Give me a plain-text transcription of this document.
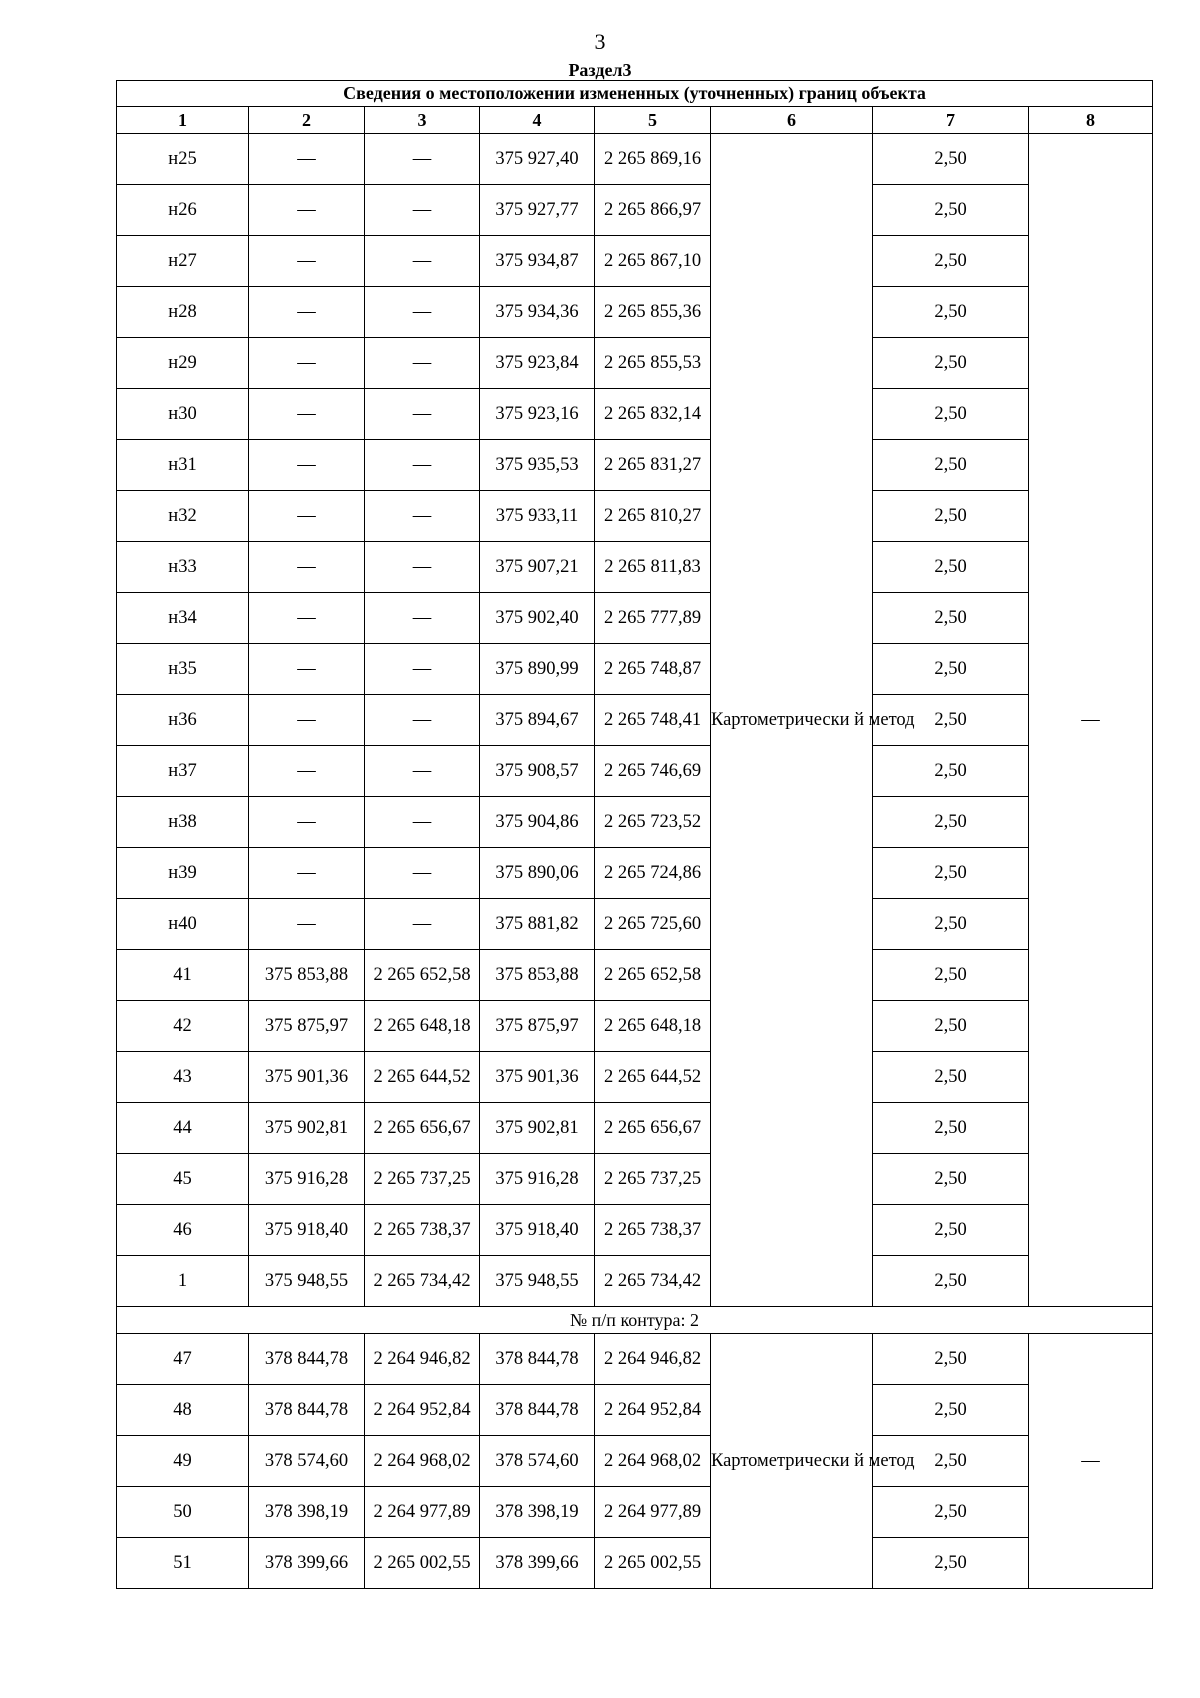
3
Раздел3
Сведения о местоположении измененных (уточненных) границ объекта							
1	2	3	4	5	6	7	8
н25	—	—	375 927,40	2 265 869,16	Картометрически й метод	2,50	—
н26	—	—	375 927,77	2 265 866,97		2,50	
н27	—	—	375 934,87	2 265 867,10		2,50	
н28	—	—	375 934,36	2 265 855,36		2,50	
н29	—	—	375 923,84	2 265 855,53		2,50	
н30	—	—	375 923,16	2 265 832,14		2,50	
н31	—	—	375 935,53	2 265 831,27		2,50	
н32	—	—	375 933,11	2 265 810,27		2,50	
н33	—	—	375 907,21	2 265 811,83		2,50	
н34	—	—	375 902,40	2 265 777,89		2,50	
н35	—	—	375 890,99	2 265 748,87		2,50	
н36	—	—	375 894,67	2 265 748,41		2,50	
н37	—	—	375 908,57	2 265 746,69		2,50	
н38	—	—	375 904,86	2 265 723,52		2,50	
н39	—	—	375 890,06	2 265 724,86		2,50	
н40	—	—	375 881,82	2 265 725,60		2,50	
41	375 853,88	2 265 652,58	375 853,88	2 265 652,58		2,50	
42	375 875,97	2 265 648,18	375 875,97	2 265 648,18		2,50	
43	375 901,36	2 265 644,52	375 901,36	2 265 644,52		2,50	
44	375 902,81	2 265 656,67	375 902,81	2 265 656,67		2,50	
45	375 916,28	2 265 737,25	375 916,28	2 265 737,25		2,50	
46	375 918,40	2 265 738,37	375 918,40	2 265 738,37		2,50	
1	375 948,55	2 265 734,42	375 948,55	2 265 734,42		2,50	
№ п/п контура: 2							
47	378 844,78	2 264 946,82	378 844,78	2 264 946,82	Картометрически й метод	2,50	—
48	378 844,78	2 264 952,84	378 844,78	2 264 952,84		2,50	
49	378 574,60	2 264 968,02	378 574,60	2 264 968,02		2,50	
50	378 398,19	2 264 977,89	378 398,19	2 264 977,89		2,50	
51	378 399,66	2 265 002,55	378 399,66	2 265 002,55		2,50	
